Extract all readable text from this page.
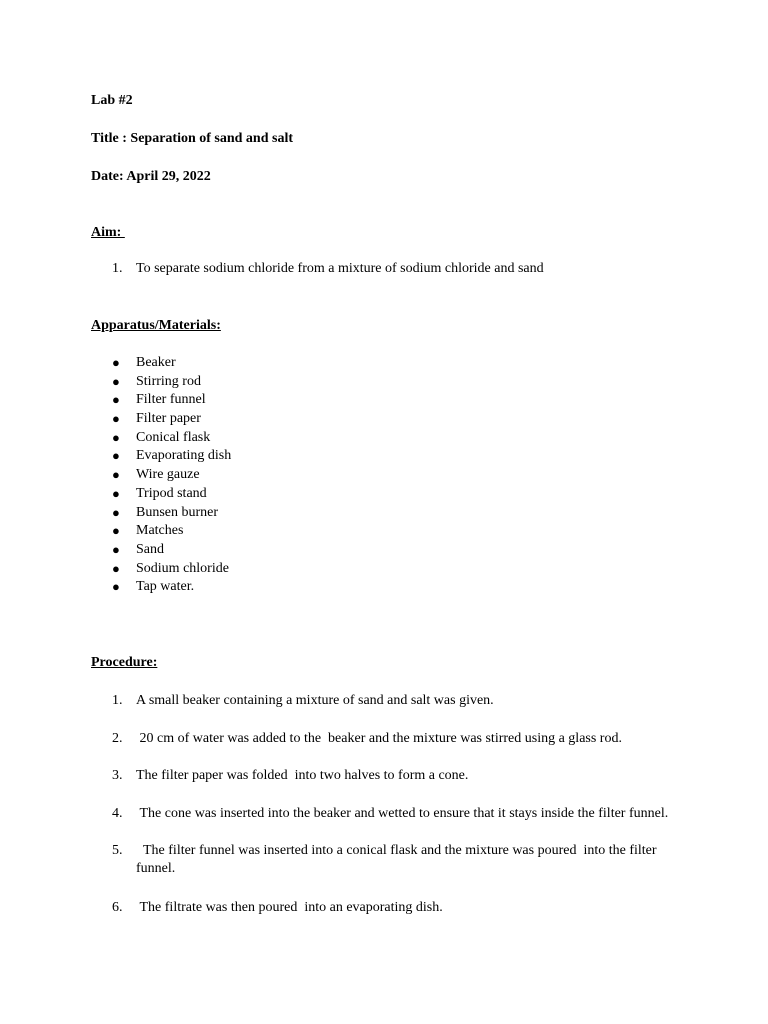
Lab #2
Title : Separation of sand and salt
Date: April 29, 2022
Aim:
1. To separate sodium chloride from a mixture of sodium chloride and sand
Apparatus/Materials:
● Beaker
● Stirring rod
● Filter funnel
● Filter paper
● Conical flask
● Evaporating dish
● Wire gauze
● Tripod stand
● Bunsen burner
● Matches
● Sand
● Sodium chloride
● Tap water.
Procedure:
1. A small beaker containing a mixture of sand and salt was given.
2. 20 cm of water was added to the  beaker and the mixture was stirred using a glass rod.
3. The filter paper was folded  into two halves to form a cone.
4. The cone was inserted into the beaker and wetted to ensure that it stays inside the filter funnel.
5. The filter funnel was inserted into a conical flask and the mixture was poured  into the filter funnel.
6. The filtrate was then poured  into an evaporating dish.
